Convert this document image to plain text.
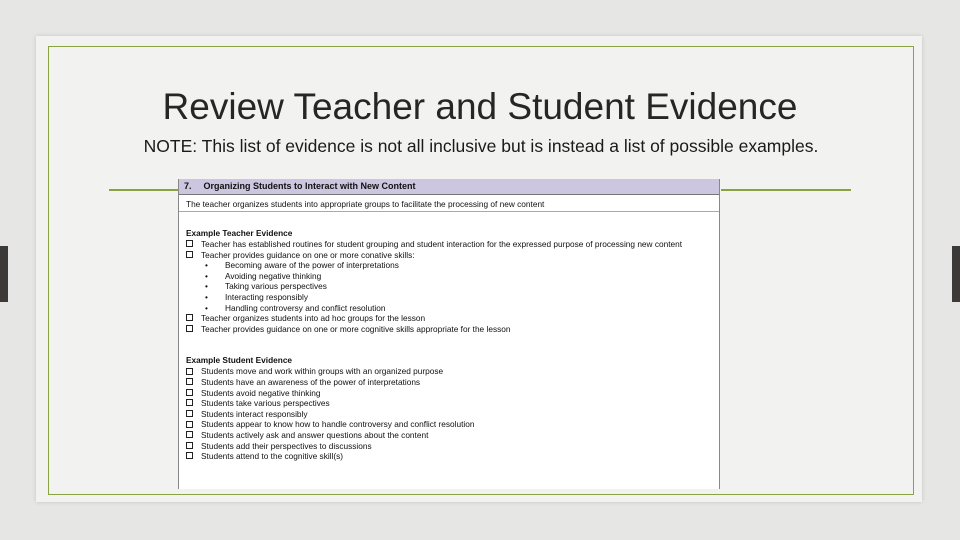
Review Teacher and Student Evidence

NOTE: This list of evidence is not all inclusive but is instead a list of possible examples.

7. Organizing Students to Interact with New Content
The teacher organizes students into appropriate groups to facilitate the processing of new content
Example Teacher Evidence
Teacher has established routines for student grouping and student interaction for the expressed purpose of processing new content
Teacher provides guidance on one or more conative skills:
• Becoming aware of the power of interpretations
• Avoiding negative thinking
• Taking various perspectives
• Interacting responsibly
• Handling controversy and conflict resolution
Teacher organizes students into ad hoc groups for the lesson
Teacher provides guidance on one or more cognitive skills appropriate for the lesson
Example Student Evidence
Students move and work within groups with an organized purpose
Students have an awareness of the power of interpretations
Students avoid negative thinking
Students take various perspectives
Students interact responsibly
Students appear to know how to handle controversy and conflict resolution
Students actively ask and answer questions about the content
Students add their perspectives to discussions
Students attend to the cognitive skill(s)
